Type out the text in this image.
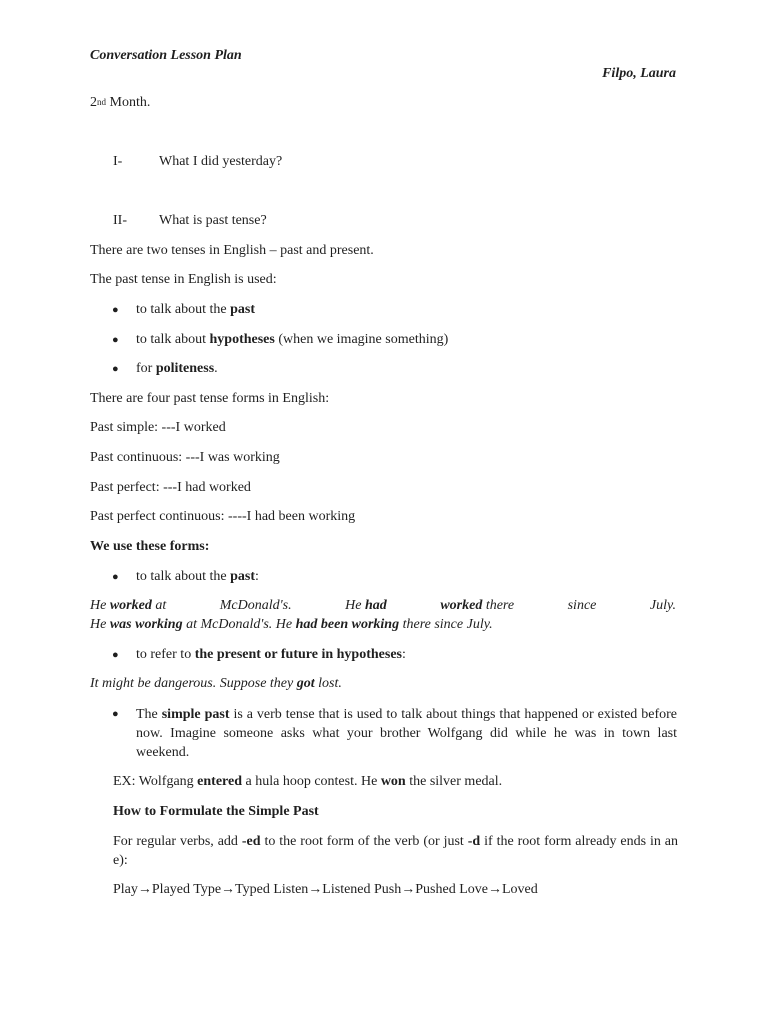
Conversation Lesson Plan
Filpo, Laura
2nd Month.
I-	What I did yesterday?
II- What is past tense?
There are two tenses in English – past and present.
The past tense in English is used:
● to talk about the past
● to talk about hypotheses (when we imagine something)
● for politeness.
There are four past tense forms in English:
Past simple: ---I worked
Past continuous: ---I was working
Past perfect: ---I had worked
Past perfect continuous: ----I had been working
We use these forms:
● to talk about the past:
He worked at	McDonald's.	He had	worked there	since	July.
He was working at McDonald's. He had been working there since July.
● to refer to the present or future in hypotheses:
It might be dangerous. Suppose they got lost.
● The simple past is a verb tense that is used to talk about things that happened or existed before now. Imagine someone asks what your brother Wolfgang did while he was in town last weekend.
EX: Wolfgang entered a hula hoop contest. He won the silver medal.
How to Formulate the Simple Past
For regular verbs, add -ed to the root form of the verb (or just -d if the root form already ends in an e):
Play→Played Type→Typed Listen→Listened Push→Pushed Love→Loved
